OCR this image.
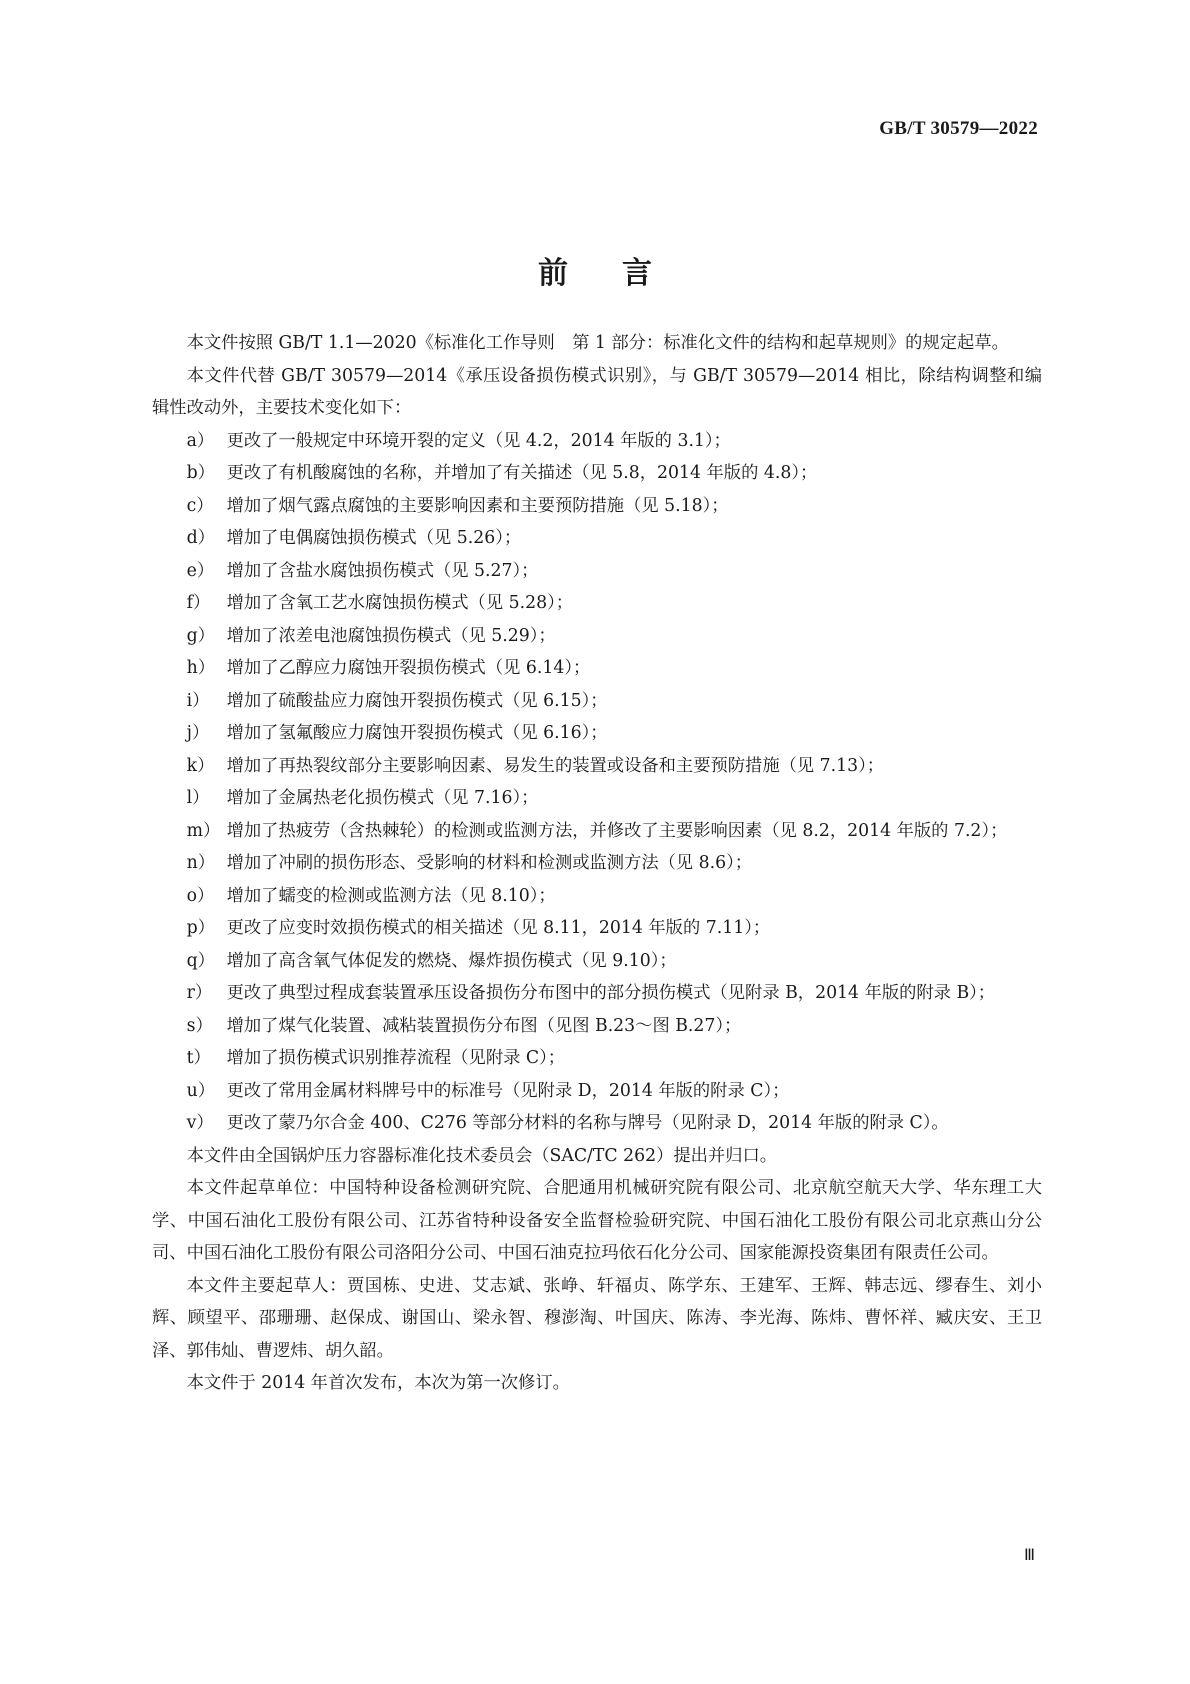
GB/T 30579—2022
前言

本文件按照 GB/T 1.1—2020《标准化工作导则　第 1 部分：标准化文件的结构和起草规则》的规定起草。

本文件代替 GB/T 30579—2014《承压设备损伤模式识别》，与 GB/T 30579—2014 相比，除结构调整和编辑性改动外，主要技术变化如下：

a） 更改了一般规定中环境开裂的定义（见 4.2，2014 年版的 3.1）；
b） 更改了有机酸腐蚀的名称，并增加了有关描述（见 5.8，2014 年版的 4.8）；
c） 增加了烟气露点腐蚀的主要影响因素和主要预防措施（见 5.18）；
d） 增加了电偶腐蚀损伤模式（见 5.26）；
e） 增加了含盐水腐蚀损伤模式（见 5.27）；
f） 增加了含氧工艺水腐蚀损伤模式（见 5.28）；
g） 增加了浓差电池腐蚀损伤模式（见 5.29）；
h） 增加了乙醇应力腐蚀开裂损伤模式（见 6.14）；
i） 增加了硫酸盐应力腐蚀开裂损伤模式（见 6.15）；
j）	增加了氢氟酸应力腐蚀开裂损伤模式（见 6.16）；
k） 增加了再热裂纹部分主要影响因素、易发生的装置或设备和主要预防措施（见 7.13）；
l） 增加了金属热老化损伤模式（见 7.16）；
m） 增加了热疲劳（含热棘轮）的检测或监测方法，并修改了主要影响因素（见 8.2，2014 年版的 7.2）；
n） 增加了冲刷的损伤形态、受影响的材料和检测或监测方法（见 8.6）；
o） 增加了蠕变的检测或监测方法（见 8.10）；
p） 更改了应变时效损伤模式的相关描述（见 8.11，2014 年版的 7.11）；
q） 增加了高含氧气体促发的燃烧、爆炸损伤模式（见 9.10）；
r） 更改了典型过程成套装置承压设备损伤分布图中的部分损伤模式（见附录 B，2014 年版的附录 B）；
s） 增加了煤气化装置、减粘装置损伤分布图（见图 B.23～图 B.27）；
t） 增加了损伤模式识别推荐流程（见附录 C）；
u） 更改了常用金属材料牌号中的标准号（见附录 D，2014 年版的附录 C）；
v） 更改了蒙乃尔合金 400、C276 等部分材料的名称与牌号（见附录 D，2014 年版的附录 C）。

本文件由全国锅炉压力容器标准化技术委员会（SAC/TC 262）提出并归口。

本文件起草单位：中国特种设备检测研究院、合肥通用机械研究院有限公司、北京航空航天大学、华东理工大学、中国石油化工股份有限公司、江苏省特种设备安全监督检验研究院、中国石油化工股份有限公司北京燕山分公司、中国石油化工股份有限公司洛阳分公司、中国石油克拉玛依石化分公司、国家能源投资集团有限责任公司。

本文件主要起草人：贾国栋、史进、艾志斌、张峥、轩福贞、陈学东、王建军、王辉、韩志远、缪春生、刘小辉、顾望平、邵珊珊、赵保成、谢国山、梁永智、穆澎淘、叶国庆、陈涛、李光海、陈炜、曹怀祥、臧庆安、王卫泽、郭伟灿、曹逻炜、胡久韶。

本文件于 2014 年首次发布，本次为第一次修订。

Ⅲ
